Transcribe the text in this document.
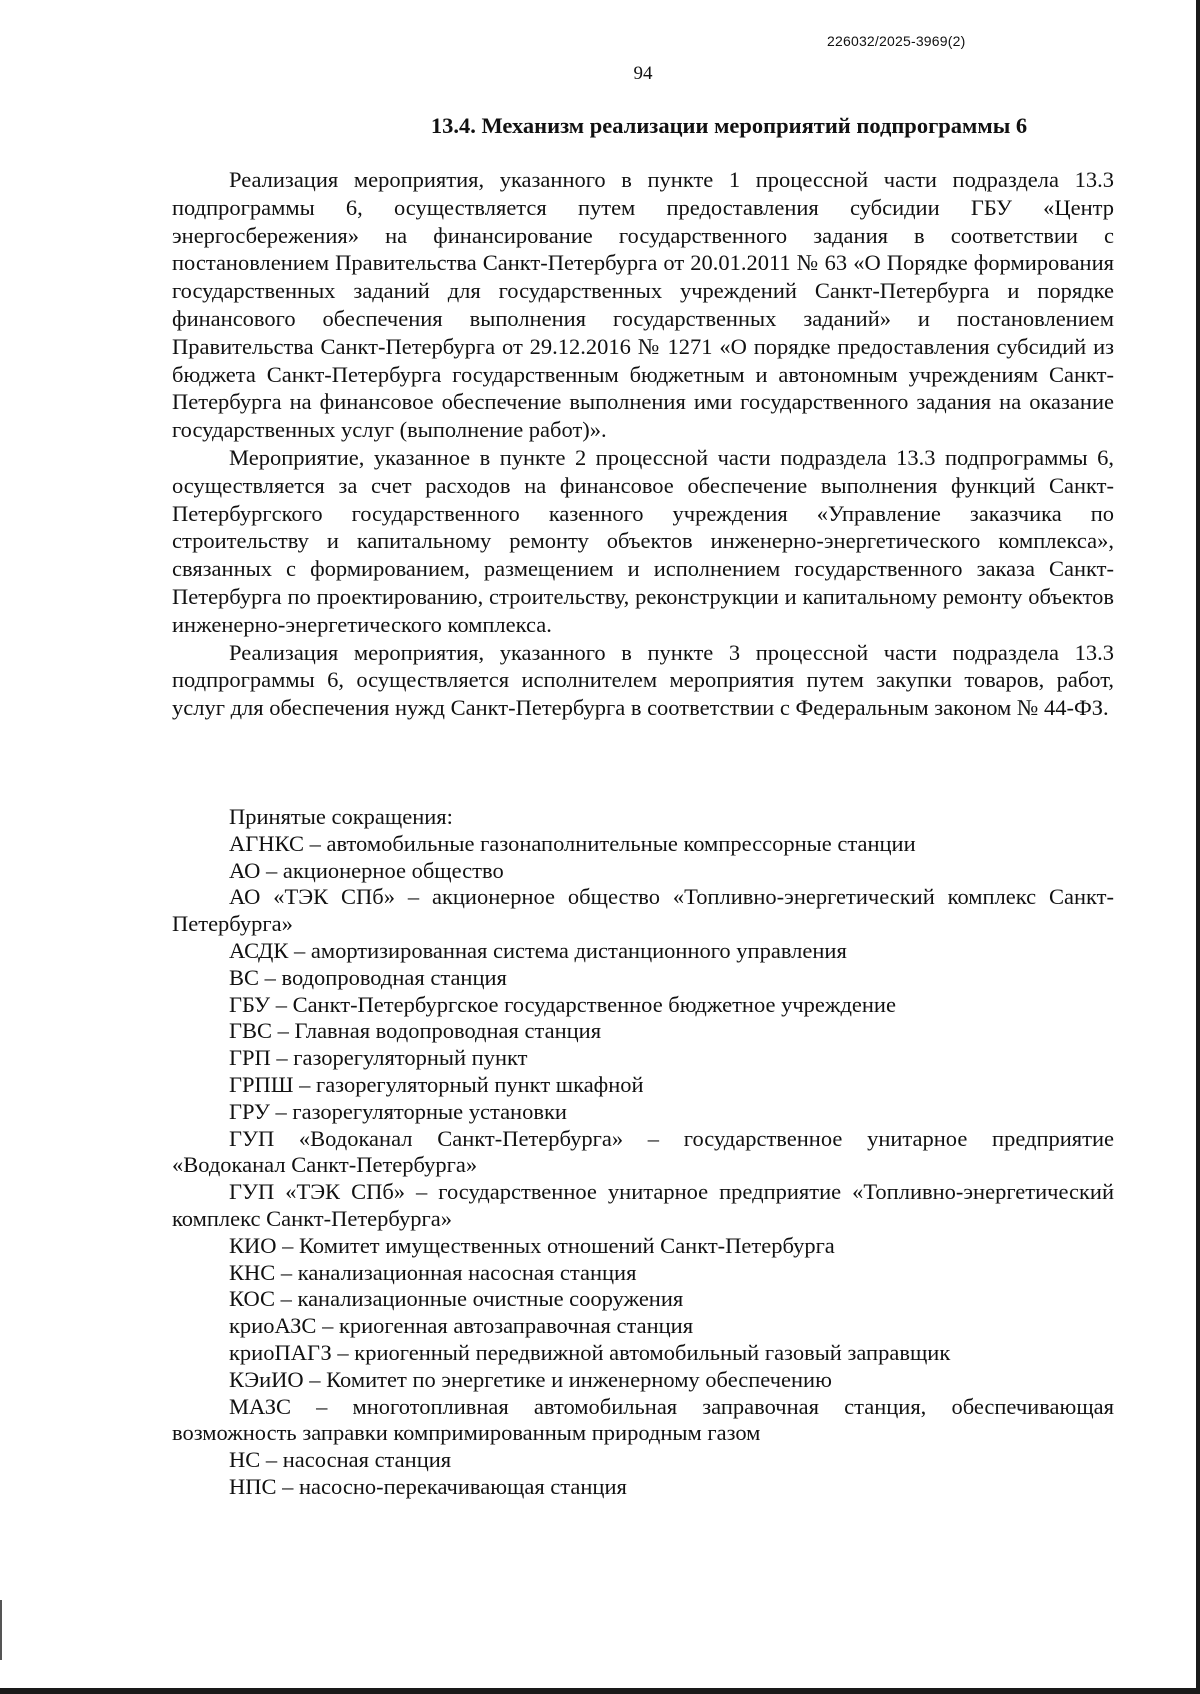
226032/2025-3969(2)
94
13.4. Механизм реализации мероприятий подпрограммы 6

Реализация мероприятия, указанного в пункте 1 процессной части подраздела 13.3 подпрограммы 6, осуществляется путем предоставления субсидии ГБУ «Центр энергосбережения» на финансирование государственного задания в соответствии с постановлением Правительства Санкт-Петербурга от 20.01.2011 № 63 «О Порядке формирования государственных заданий для государственных учреждений Санкт-Петербурга и порядке финансового обеспечения выполнения государственных заданий» и постановлением Правительства Санкт-Петербурга от 29.12.2016 № 1271 «О порядке предоставления субсидий из бюджета Санкт-Петербурга государственным бюджетным и автономным учреждениям Санкт-Петербурга на финансовое обеспечение выполнения ими государственного задания на оказание государственных услуг (выполнение работ)».

Мероприятие, указанное в пункте 2 процессной части подраздела 13.3 подпрограммы 6, осуществляется за счет расходов на финансовое обеспечение выполнения функций Санкт-Петербургского государственного казенного учреждения «Управление заказчика по строительству и капитальному ремонту объектов инженерно-энергетического комплекса», связанных с формированием, размещением и исполнением государственного заказа Санкт-Петербурга по проектированию, строительству, реконструкции и капитальному ремонту объектов инженерно-энергетического комплекса.

Реализация мероприятия, указанного в пункте 3 процессной части подраздела 13.3 подпрограммы 6, осуществляется исполнителем мероприятия путем закупки товаров, работ, услуг для обеспечения нужд Санкт-Петербурга в соответствии с Федеральным законом № 44-ФЗ.

Принятые сокращения:

АГНКС – автомобильные газонаполнительные компрессорные станции
АО – акционерное общество
АО «ТЭК СПб» – акционерное общество «Топливно-энергетический комплекс Санкт-Петербурга»
АСДК – амортизированная система дистанционного управления
ВС – водопроводная станция
ГБУ – Санкт-Петербургское государственное бюджетное учреждение
ГВС – Главная водопроводная станция
ГРП – газорегуляторный пункт
ГРПШ – газорегуляторный пункт шкафной
ГРУ – газорегуляторные установки
ГУП «Водоканал Санкт-Петербурга» – государственное унитарное предприятие «Водоканал Санкт-Петербурга»
ГУП «ТЭК СПб» – государственное унитарное предприятие «Топливно-энергетический комплекс Санкт-Петербурга»
КИО – Комитет имущественных отношений Санкт-Петербурга
КНС – канализационная насосная станция
КОС – канализационные очистные сооружения
криоАЗС – криогенная автозаправочная станция
криоПАГЗ – криогенный передвижной автомобильный газовый заправщик
КЭиИО – Комитет по энергетике и инженерному обеспечению
МАЗС – многотопливная автомобильная заправочная станция, обеспечивающая возможность заправки компримированным природным газом
НС – насосная станция
НПС – насосно-перекачивающая станция
